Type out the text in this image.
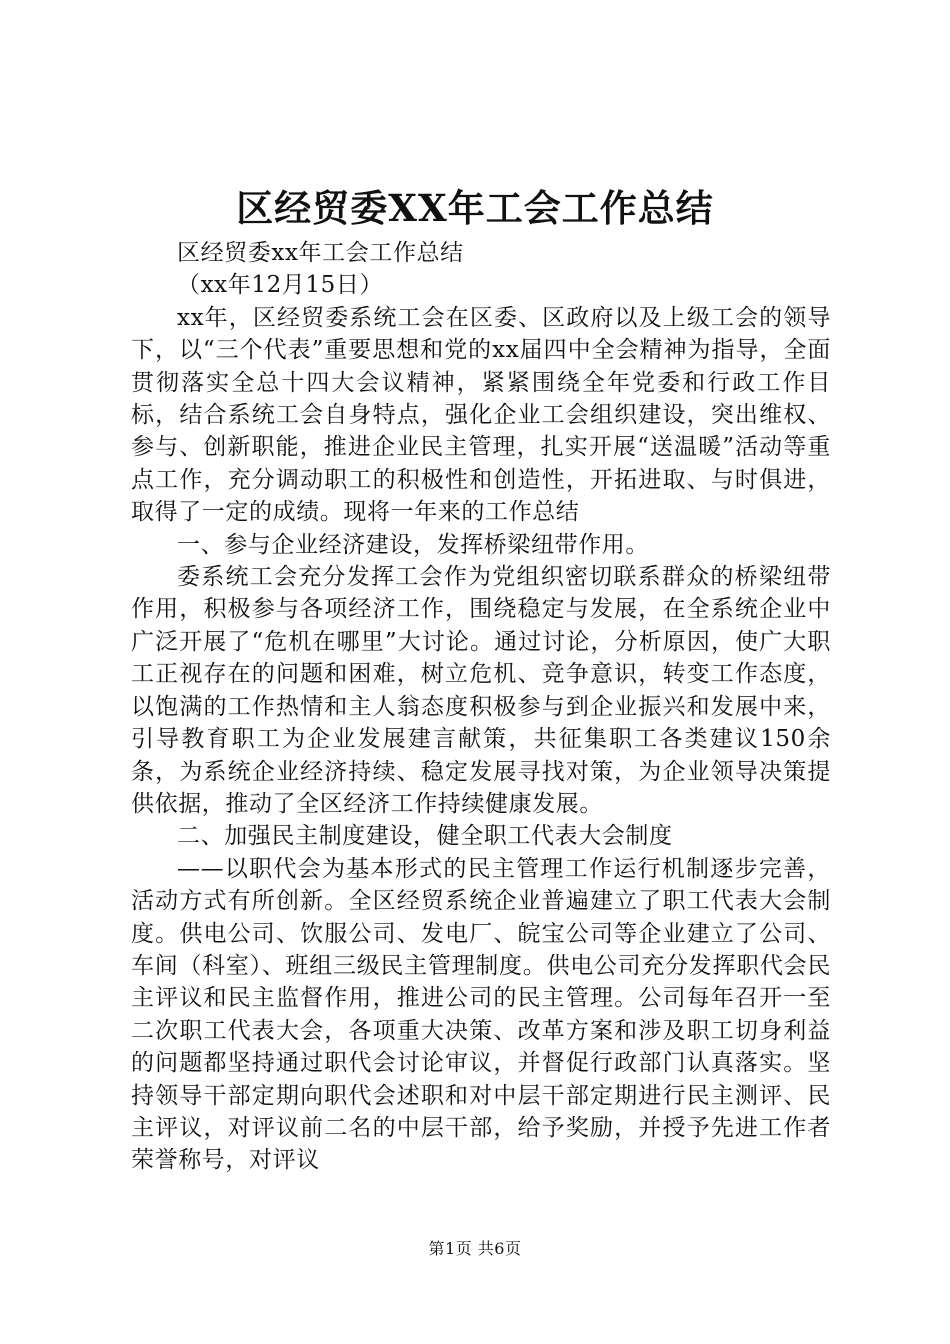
区经贸委XX年工会工作总结

区经贸委xx年工会工作总结

（xx年12月15日）

xx年，区经贸委系统工会在区委、区政府以及上级工会的领导下，以“三个代表”重要思想和党的xx届四中全会精神为指导，全面贯彻落实全总十四大会议精神，紧紧围绕全年党委和行政工作目标，结合系统工会自身特点，强化企业工会组织建设，突出维权、参与、创新职能，推进企业民主管理，扎实开展“送温暖”活动等重点工作，充分调动职工的积极性和创造性，开拓进取、与时俱进，取得了一定的成绩。现将一年来的工作总结

一、参与企业经济建设，发挥桥梁纽带作用。

委系统工会充分发挥工会作为党组织密切联系群众的桥梁纽带作用，积极参与各项经济工作，围绕稳定与发展，在全系统企业中广泛开展了“危机在哪里”大讨论。通过讨论，分析原因，使广大职工正视存在的问题和困难，树立危机、竞争意识，转变工作态度，以饱满的工作热情和主人翁态度积极参与到企业振兴和发展中来，引导教育职工为企业发展建言献策，共征集职工各类建议150余条，为系统企业经济持续、稳定发展寻找对策，为企业领导决策提供依据，推动了全区经济工作持续健康发展。

二、加强民主制度建设，健全职工代表大会制度

——以职代会为基本形式的民主管理工作运行机制逐步完善，活动方式有所创新。全区经贸系统企业普遍建立了职工代表大会制度。供电公司、饮服公司、发电厂、皖宝公司等企业建立了公司、车间（科室）、班组三级民主管理制度。供电公司充分发挥职代会民主评议和民主监督作用，推进公司的民主管理。公司每年召开一至二次职工代表大会，各项重大决策、改革方案和涉及职工切身利益的问题都坚持通过职代会讨论审议，并督促行政部门认真落实。坚持领导干部定期向职代会述职和对中层干部定期进行民主测评、民主评议，对评议前二名的中层干部，给予奖励，并授予先进工作者荣誉称号，对评议

第1页 共6页
